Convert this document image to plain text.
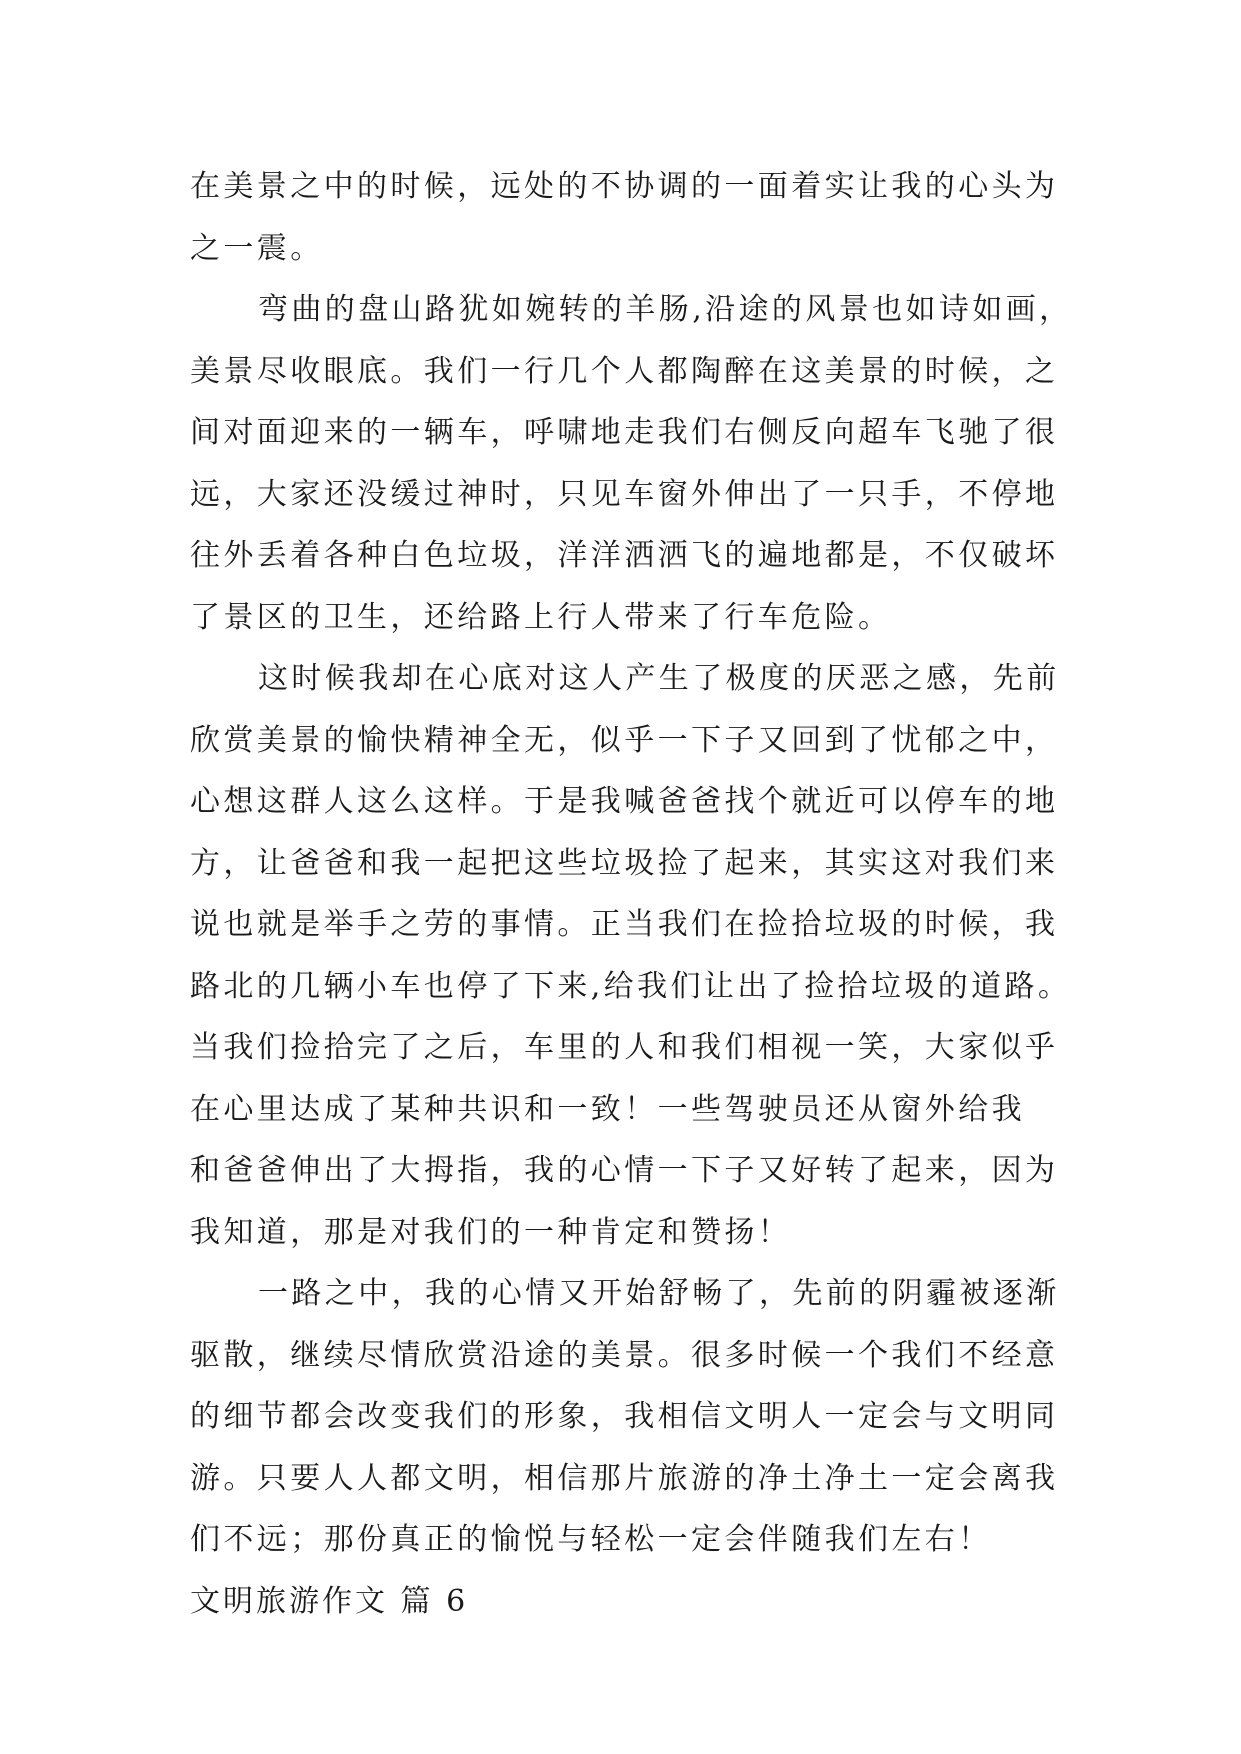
在美景之中的时候，远处的不协调的一面着实让我的心头为
之一震。
弯曲的盘山路犹如婉转的羊肠,沿途的风景也如诗如画，
美景尽收眼底。我们一行几个人都陶醉在这美景的时候，之
间对面迎来的一辆车，呼啸地走我们右侧反向超车飞驰了很
远，大家还没缓过神时，只见车窗外伸出了一只手，不停地
往外丢着各种白色垃圾，洋洋洒洒飞的遍地都是，不仅破坏
了景区的卫生，还给路上行人带来了行车危险。
这时候我却在心底对这人产生了极度的厌恶之感，先前
欣赏美景的愉快精神全无，似乎一下子又回到了忧郁之中，
心想这群人这么这样。于是我喊爸爸找个就近可以停车的地
方，让爸爸和我一起把这些垃圾捡了起来，其实这对我们来
说也就是举手之劳的事情。正当我们在捡拾垃圾的时候，我
路北的几辆小车也停了下来,给我们让出了捡拾垃圾的道路。
当我们捡拾完了之后，车里的人和我们相视一笑，大家似乎
在心里达成了某种共识和一致！一些驾驶员还从窗外给我
和爸爸伸出了大拇指，我的心情一下子又好转了起来，因为
我知道，那是对我们的一种肯定和赞扬！
一路之中，我的心情又开始舒畅了，先前的阴霾被逐渐
驱散，继续尽情欣赏沿途的美景。很多时候一个我们不经意
的细节都会改变我们的形象，我相信文明人一定会与文明同
游。只要人人都文明，相信那片旅游的净土净土一定会离我
们不远；那份真正的愉悦与轻松一定会伴随我们左右！
文明旅游作文 篇 6
